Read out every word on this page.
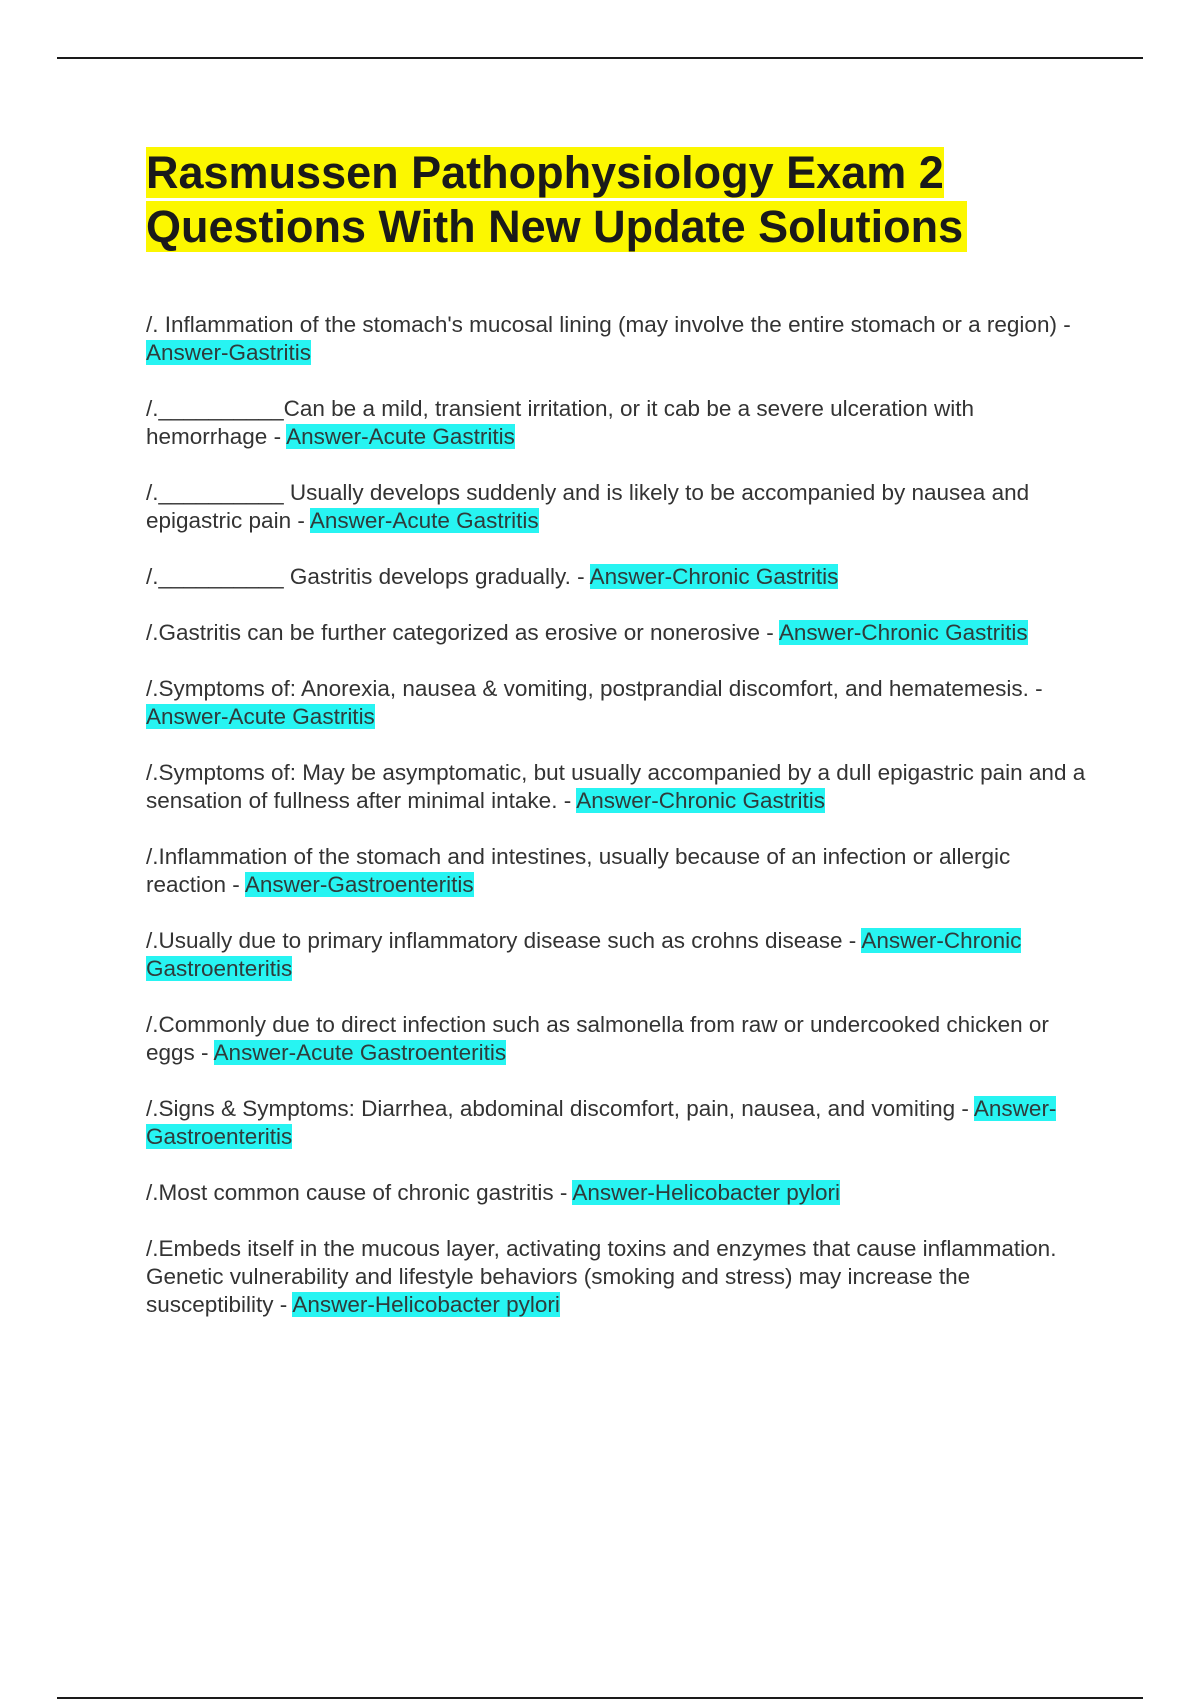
Rasmussen Pathophysiology Exam 2 Questions With New Update Solutions

/. Inflammation of the stomach's mucosal lining (may involve the entire stomach or a region) - Answer-Gastritis

/.__________Can be a mild, transient irritation, or it cab be a severe ulceration with hemorrhage - Answer-Acute Gastritis

/.__________ Usually develops suddenly and is likely to be accompanied by nausea and epigastric pain - Answer-Acute Gastritis

/.__________ Gastritis develops gradually. - Answer-Chronic Gastritis

/.Gastritis can be further categorized as erosive or nonerosive - Answer-Chronic Gastritis

/.Symptoms of: Anorexia, nausea & vomiting, postprandial discomfort, and hematemesis. - Answer-Acute Gastritis

/.Symptoms of: May be asymptomatic, but usually accompanied by a dull epigastric pain and a sensation of fullness after minimal intake. - Answer-Chronic Gastritis

/.Inflammation of the stomach and intestines, usually because of an infection or allergic reaction - Answer-Gastroenteritis

/.Usually due to primary inflammatory disease such as crohns disease - Answer-Chronic Gastroenteritis

/.Commonly due to direct infection such as salmonella from raw or undercooked chicken or eggs - Answer-Acute Gastroenteritis

/.Signs & Symptoms: Diarrhea, abdominal discomfort, pain, nausea, and vomiting - Answer-Gastroenteritis

/.Most common cause of chronic gastritis - Answer-Helicobacter pylori

/.Embeds itself in the mucous layer, activating toxins and enzymes that cause inflammation. Genetic vulnerability and lifestyle behaviors (smoking and stress) may increase the susceptibility - Answer-Helicobacter pylori
